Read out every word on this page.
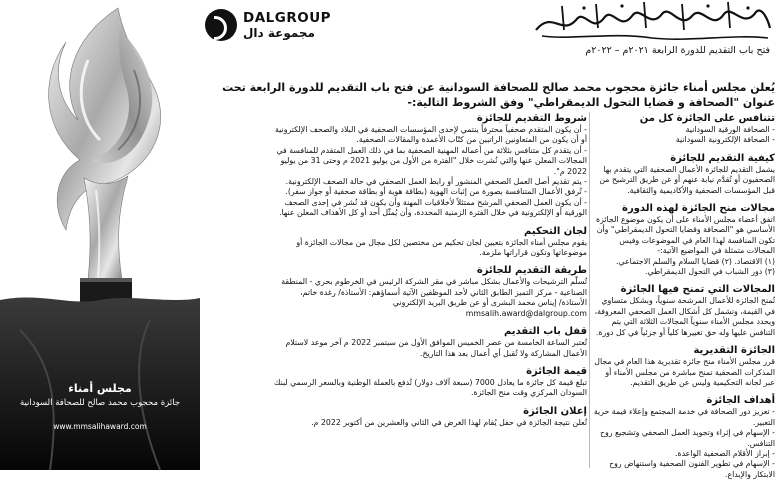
مجلس أمناء
جائزة محجوب محمد صالح للصحافة السودانية
www.mmsalihaward.com
DALGROUP
مجموعة دال
فتح باب التقديم للدورة الرابعة ٢٠٢١م – ٢٠٢٢م
يُعلن مجلس أمناء جائزة محجوب محمد صالح للصحافة السودانية عن فتح باب التقديم للدورة الرابعة تحت عنوان "الصحافة و قضايا التحول الديمقراطي" وفق الشروط التالية:-
تتنافس على الجائزة كل من

- الصحافة الورقية السودانية
- الصحافة الإلكترونية السودانية

كيفية التقديم للجائزة

يشمل التقديم للجائزة الأعمال الصحفية التي يتقدم بها الصحفيون أو تُقدَّم نيابة عنهم أو عن طريق الترشيح من قبل المؤسسات الصحفية والأكاديمية والثقافية.

مجالات منح الجائزة لهذه الدورة

اتفق أعضاء مجلس الأمناء على أن يكون موضوع الجائزة الأساسي هو "الصحافة وقضايا التحول الديمقراطي" وأن تكون المنافسة لهذا العام في الموضوعات وفيس المجالات متمثلة في المواضيع الآتية:-
(١) الاقتصاد. (٢) قضايا السلام والسلم الاجتماعي.
(٣) دور الشباب في التحول الديمقراطي.

المجالات التي تمنح فيها الجائزة

تُمنح الجائزة للأعمال المرشحة سنوياً، وبشكل متساوي في القيمة، وتشمل كل أشكال العمل الصحفي المعروفة، ويحدد مجلس الأمناء سنوياً المجالات الثلاثة التي يتم التنافس عليها وله حق تغييرها كلياً أو جزئياً في كل دورة.

الجائزة التقديرية

قرر مجلس الأمناء منح جائزة تقديرية هذا العام في مجال المذكرات الصحفية تمنح مباشرة من مجلس الأمناء أو عبر لجانه التحكيمية وليس عن طريق التقديم.

أهداف الجائزة

- تعزيز دور الصحافة في خدمة المجتمع وإعلاء قيمة حرية التعبير.
- الإسهام في إثراء وتجويد العمل الصحفي وتشجيع روح التنافس.
- إبراز الأقلام الصحفية الواعدة.
- الإسهام في تطوير الفنون الصحفية واستنهاض روح الابتكار والإبداع.

شروط التقديم للجائزة

- أن يكون المتقدم صحفياً محترفاً ينتمي لإحدى المؤسسات الصحفية في البلاد والصحف الإلكترونية أو أن يكون من المتعاونين الراتبين من كتّاب الأعمدة والمقالات الصحفية.
- أن يتقدم كل متنافس بثلاثة من أعماله المهنية الصحفية بما في ذلك العمل المتقدم للمنافسة في المجالات المعلن عنها والتي نُشرت خلال "الفترة من الأول من يوليو 2021 م وحتى 31 من يوليو 2022 م".
- يتم تقديم أصل العمل الصحفي المنشور أو رابط العمل الصحفي في حالة الصحف الإلكترونية.
- تُرفق الأعمال المتنافسة بصورة من إثبات الهوية (بطاقة هوية أو بطاقة صحفية أو جواز سفر).
- أن يكون العمل الصحفي المرشح ممتثلاً لأخلاقيات المهنة وأن يكون قد نُشر في إحدى الصحف الورقية أو الإلكترونية في خلال الفترة الزمنية المحددة، وأن يُمثّل أحد أو كل الأهداف المعلن عنها.

لجان التحكيم

يقوم مجلس أمناء الجائزة بتعيين لجان تحكيم من مختصين لكل مجال من مجالات الجائزة أو موضوعاتها وتكون قراراتها ملزمة.

طريقة التقديم للجائزة

تُسلّم الترشيحات والأعمال بشكل مباشر في مقر الشركة الرئيس في الخرطوم بحري - المنطقة الصناعية - مركز التميز الطابق الثاني لأحد الموظفين الآتية أسماؤهم: الأستاذة/ رغدة خاتم، الأستاذة/ إيناس محمد البشرى أو عن طريق البريد الإلكتروني mmsalih.award@dalgroup.com

قفل باب التقديم

تُعتبر الساعة الخامسة من عصر الخميس الموافق الأول من سبتمبر 2022 م آخر موعد لاستلام الأعمال المشاركة ولا تُقبل أي أعمال بعد هذا التاريخ.

قيمة الجائزة

تبلغ قيمة كل جائزة ما يعادل 7000 (سبعة آلاف دولار) تُدفع بالعملة الوطنية وبالسعر الرسمي لبنك السودان المركزي وقت منح الجائزة.

إعلان الجائزة

تُعلن نتيجة الجائزة في حفل يُقام لهذا الغرض في الثاني والعشرين من أكتوبر 2022 م.
